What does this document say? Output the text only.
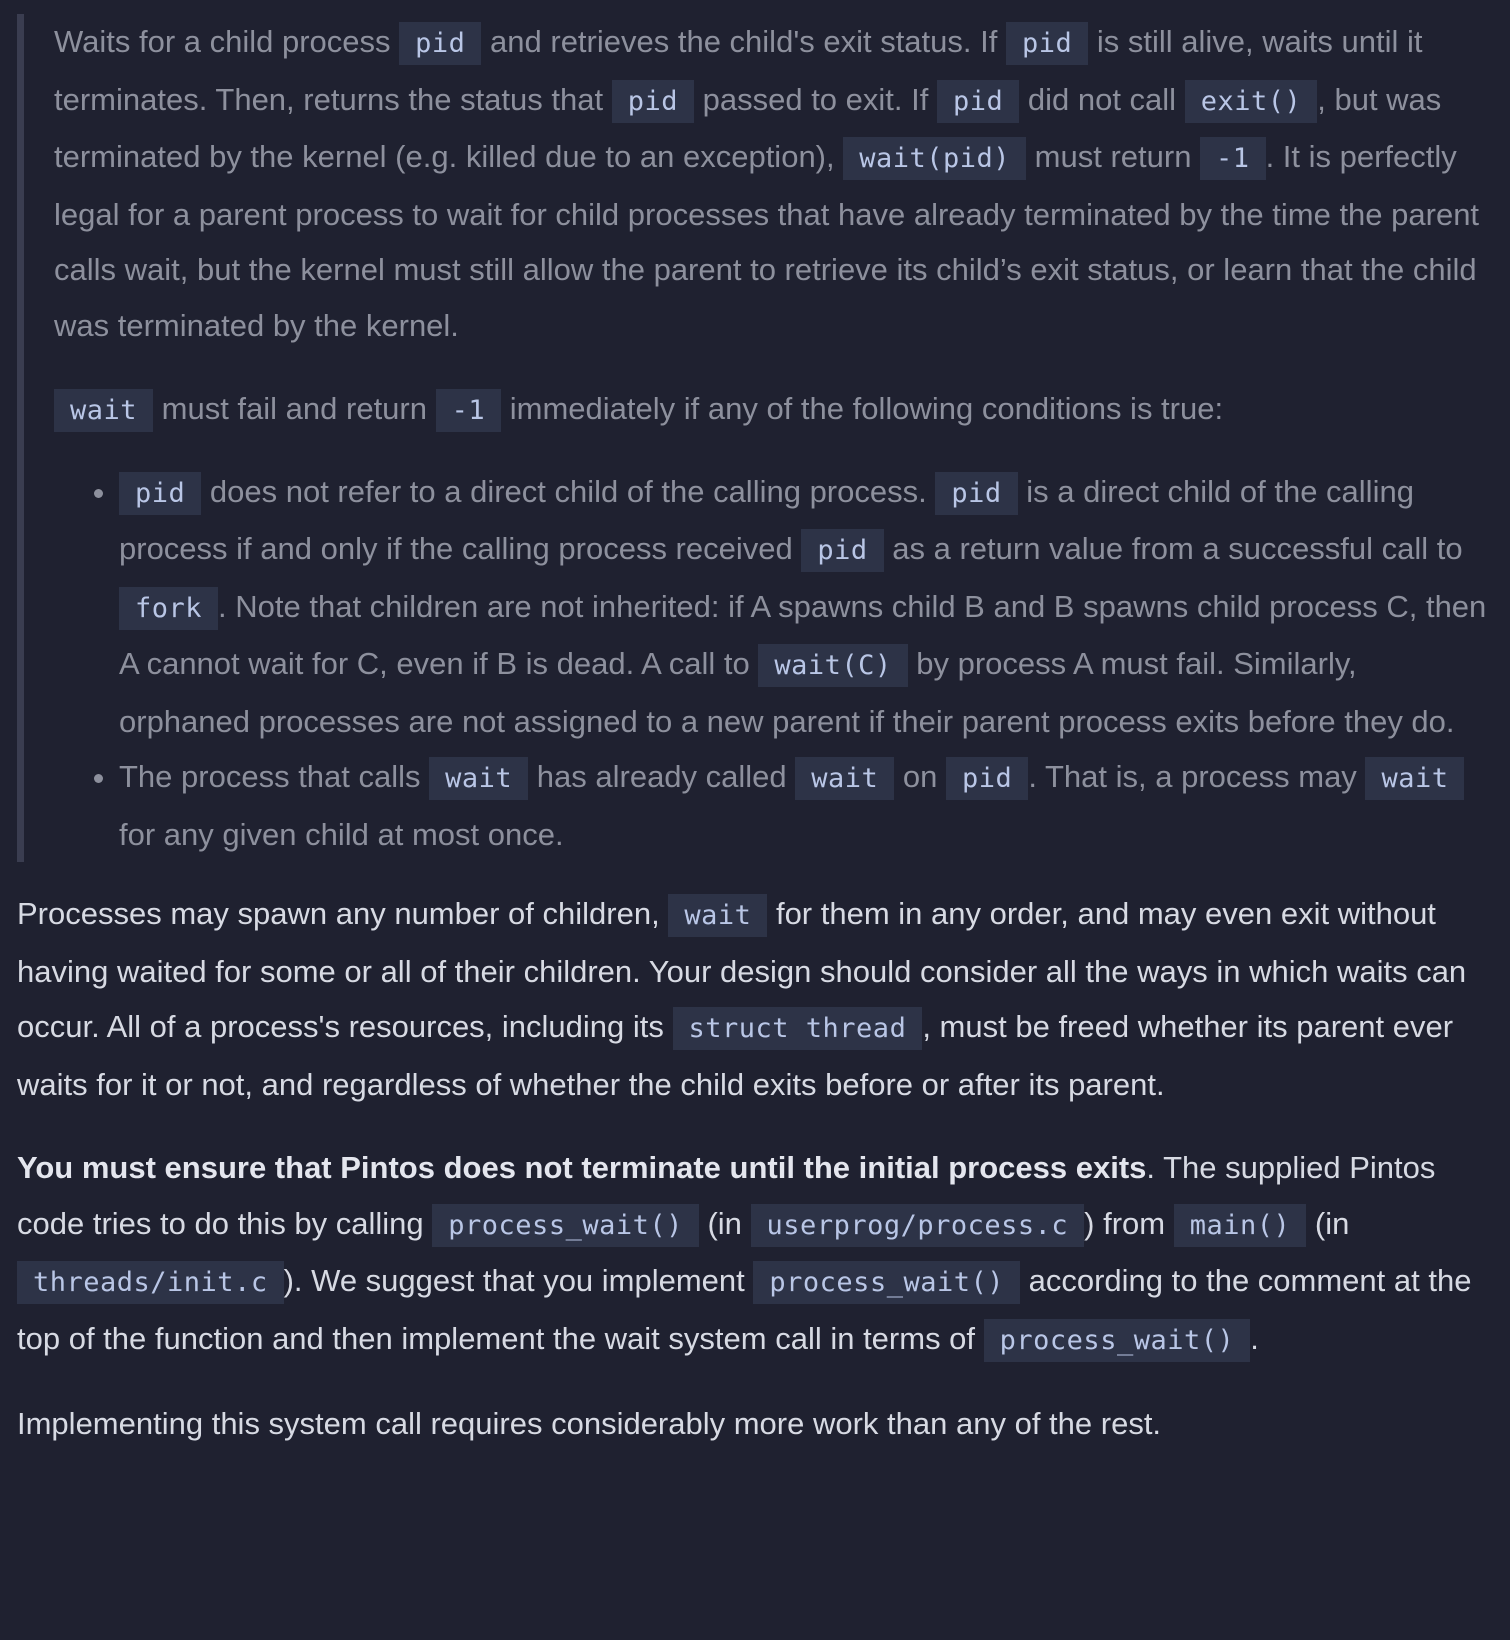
Waits for a child process pid and retrieves the child's exit status. If pid is still alive, waits until it terminates. Then, returns the status that pid passed to exit. If pid did not call exit() , but was terminated by the kernel (e.g. killed due to an exception), wait(pid) must return -1 . It is perfectly legal for a parent process to wait for child processes that have already terminated by the time the parent calls wait, but the kernel must still allow the parent to retrieve its child’s exit status, or learn that the child was terminated by the kernel.

wait must fail and return -1 immediately if any of the following conditions is true:

• pid does not refer to a direct child of the calling process. pid is a direct child of the calling process if and only if the calling process received pid as a return value from a successful call to fork . Note that children are not inherited: if A spawns child B and B spawns child process C, then A cannot wait for C, even if B is dead. A call to wait(C) by process A must fail. Similarly, orphaned processes are not assigned to a new parent if their parent process exits before they do.
• The process that calls wait has already called wait on pid . That is, a process may wait for any given child at most once.

Processes may spawn any number of children, wait for them in any order, and may even exit without having waited for some or all of their children. Your design should consider all the ways in which waits can occur. All of a process's resources, including its struct thread , must be freed whether its parent ever waits for it or not, and regardless of whether the child exits before or after its parent.

You must ensure that Pintos does not terminate until the initial process exits. The supplied Pintos code tries to do this by calling process_wait() (in userprog/process.c ) from main() (in threads/init.c ). We suggest that you implement process_wait() according to the comment at the top of the function and then implement the wait system call in terms of process_wait() .

Implementing this system call requires considerably more work than any of the rest.
